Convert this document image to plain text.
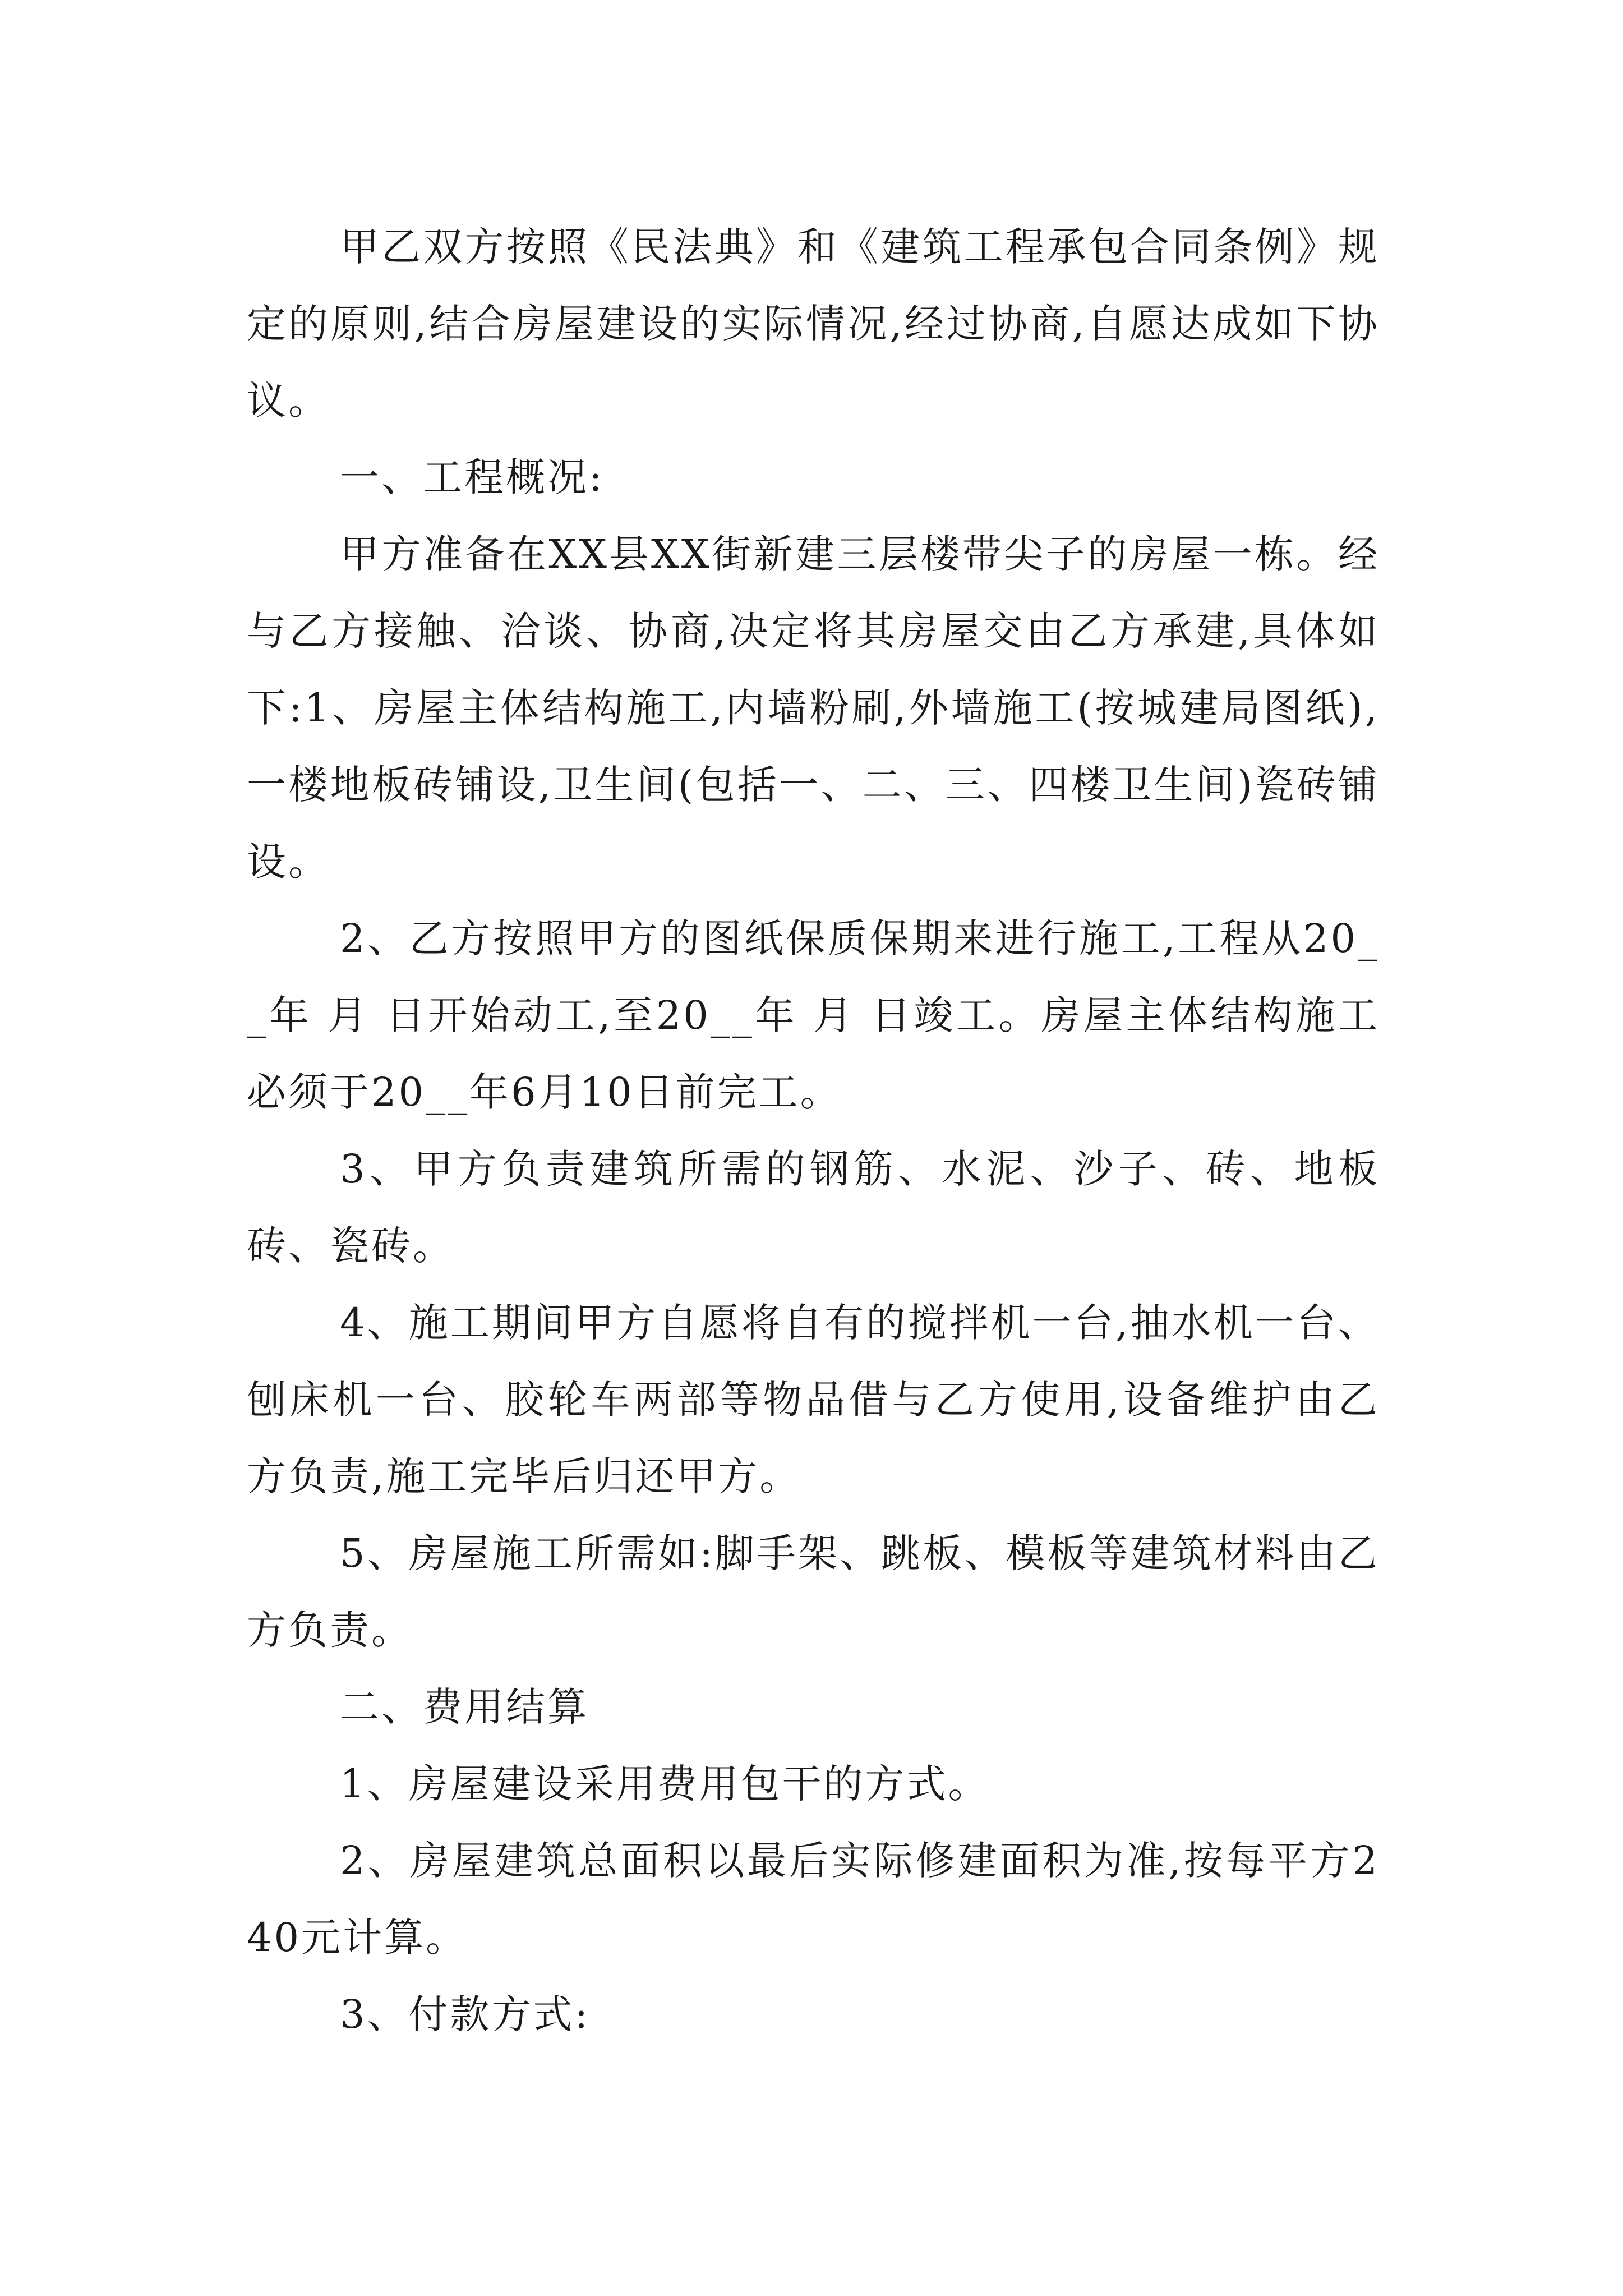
甲乙双方按照《民法典》和《建筑工程承包合同条例》规定的原则,结合房屋建设的实际情况,经过协商,自愿达成如下协议。

一、工程概况:

甲方准备在XX县XX街新建三层楼带尖子的房屋一栋。经与乙方接触、洽谈、协商,决定将其房屋交由乙方承建,具体如下:1、房屋主体结构施工,内墙粉刷,外墙施工(按城建局图纸),一楼地板砖铺设,卫生间(包括一、二、三、四楼卫生间)瓷砖铺设。

2、乙方按照甲方的图纸保质保期来进行施工,工程从20__年 月 日开始动工,至20__年 月 日竣工。房屋主体结构施工必须于20__年6月10日前完工。

3、甲方负责建筑所需的钢筋、水泥、沙子、砖、地板砖、瓷砖。

4、施工期间甲方自愿将自有的搅拌机一台,抽水机一台、刨床机一台、胶轮车两部等物品借与乙方使用,设备维护由乙方负责,施工完毕后归还甲方。

5、房屋施工所需如:脚手架、跳板、模板等建筑材料由乙方负责。

二、费用结算

1、房屋建设采用费用包干的方式。

2、房屋建筑总面积以最后实际修建面积为准,按每平方240元计算。

3、付款方式:
